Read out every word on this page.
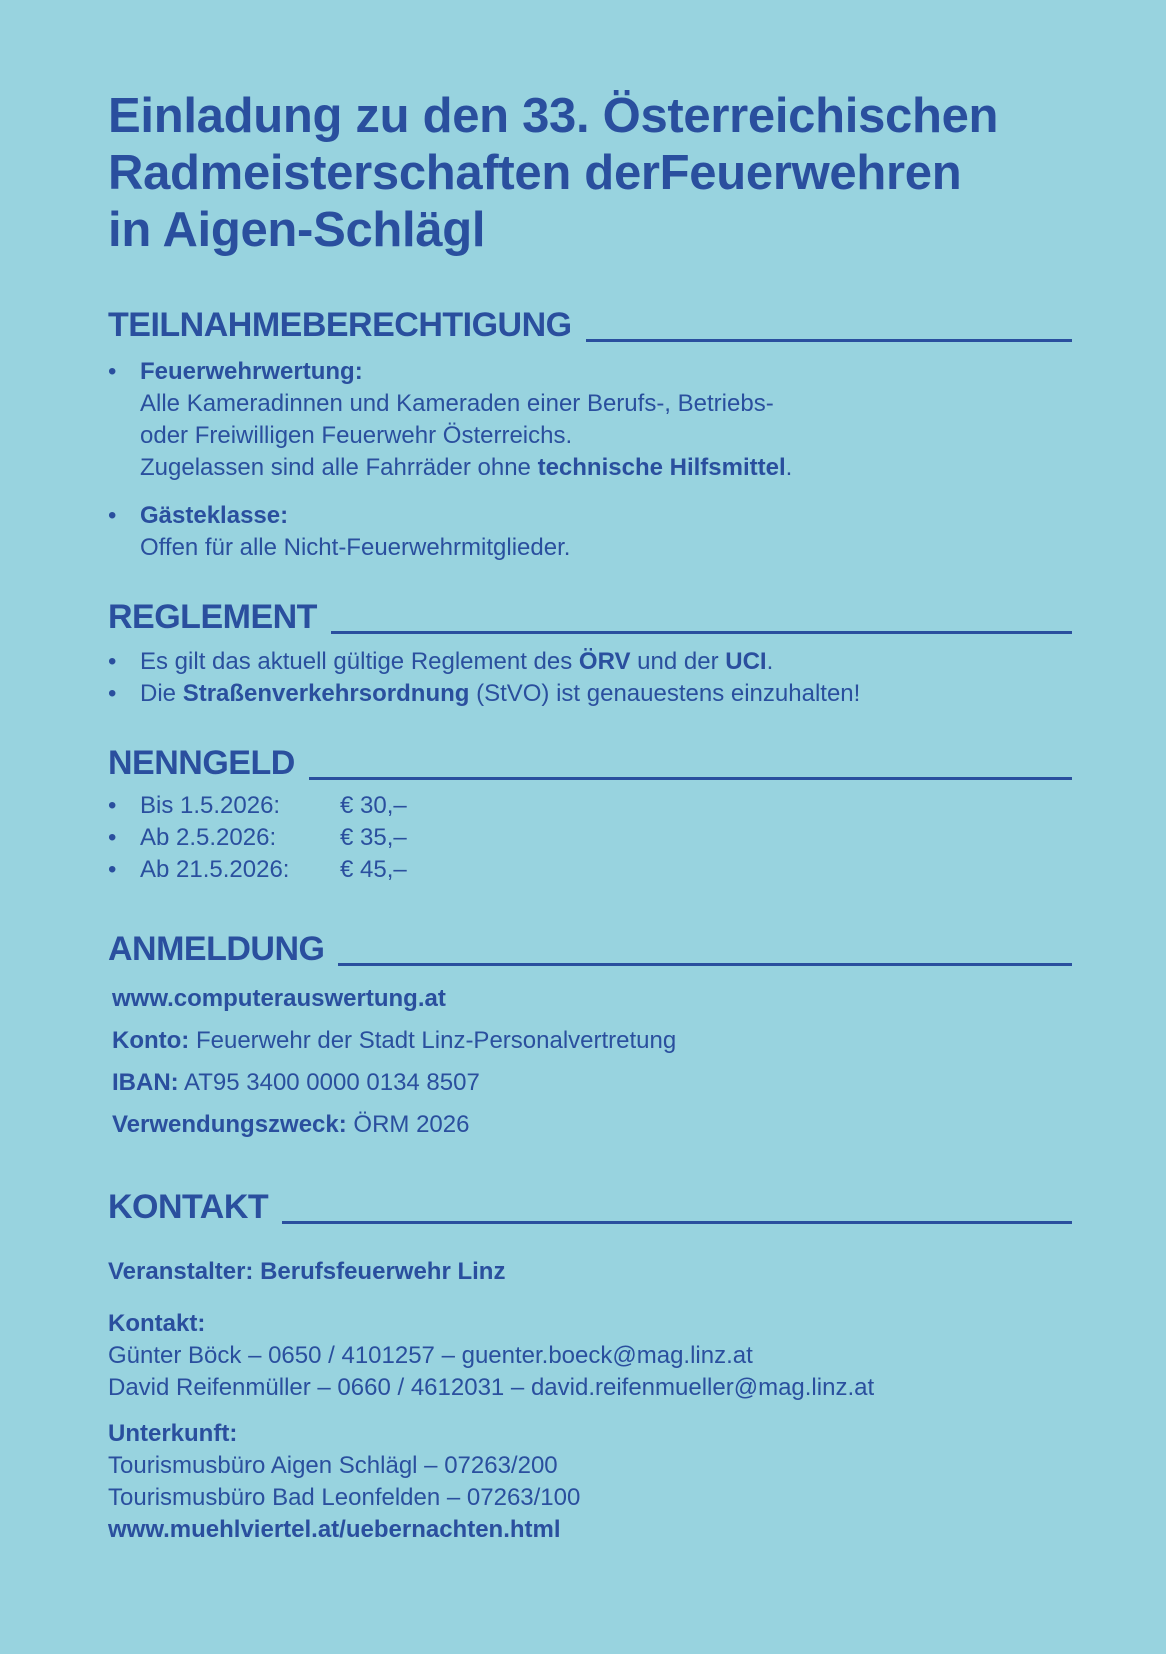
Einladung zu den 33. Österreichischen
Radmeisterschaften derFeuerwehren
in Aigen-Schlägl
TEILNAHMEBERECHTIGUNG
• Feuerwehrwertung:
Alle Kameradinnen und Kameraden einer Berufs-, Betriebs-
oder Freiwilligen Feuerwehr Österreichs.
Zugelassen sind alle Fahrräder ohne technische Hilfsmittel.
• Gästeklasse:
Offen für alle Nicht-Feuerwehrmitglieder.
REGLEMENT
• Es gilt das aktuell gültige Reglement des ÖRV und der UCI.
• Die Straßenverkehrsordnung (StVO) ist genauestens einzuhalten!
NENNGELD
• Bis 1.5.2026: € 30,–
• Ab 2.5.2026:	€ 35,–
• Ab 21.5.2026: € 45,–
ANMELDUNG
www.computerauswertung.at
Konto: Feuerwehr der Stadt Linz-Personalvertretung
IBAN: AT95 3400 0000 0134 8507
Verwendungszweck: ÖRM 2026
KONTAKT
Veranstalter: Berufsfeuerwehr Linz
Kontakt:
Günter Böck – 0650 / 4101257 – guenter.boeck@mag.linz.at
David Reifenmüller – 0660 / 4612031 – david.reifenmueller@mag.linz.at
Unterkunft:
Tourismusbüro Aigen Schlägl – 07263/200
Tourismusbüro Bad Leonfelden – 07263/100
www.muehlviertel.at/uebernachten.html
